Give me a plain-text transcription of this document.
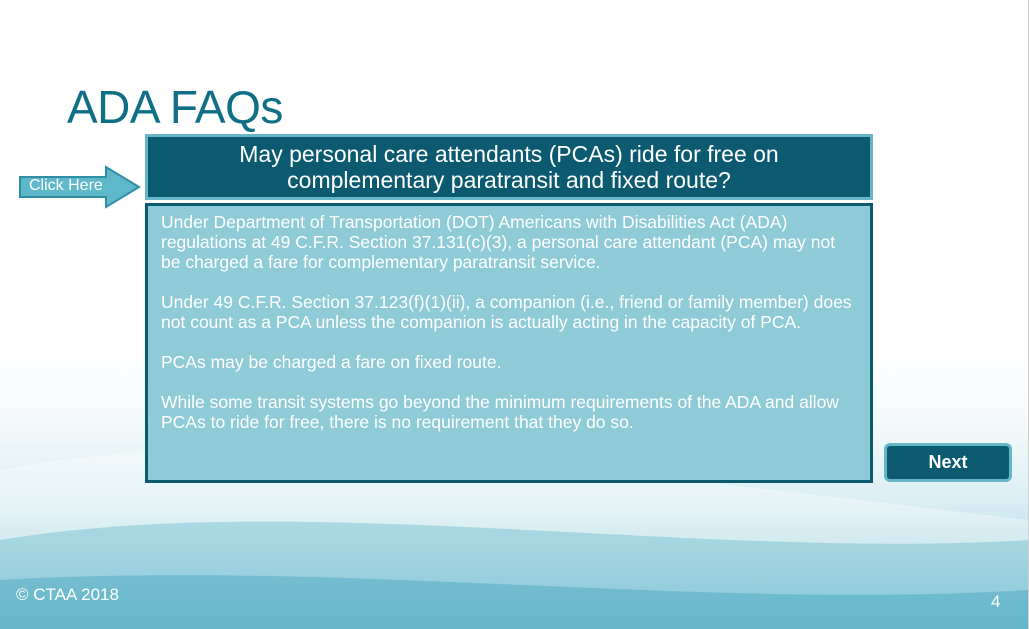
ADA FAQs
Click Here
May personal care attendants (PCAs) ride for free on complementary paratransit and fixed route?

Under Department of Transportation (DOT) Americans with Disabilities Act (ADA) regulations at 49 C.F.R. Section 37.131(c)(3), a personal care attendant (PCA) may not be charged a fare for complementary paratransit service.

Under 49 C.F.R. Section 37.123(f)(1)(ii), a companion (i.e., friend or family member) does not count as a PCA unless the companion is actually acting in the capacity of PCA.

PCAs may be charged a fare on fixed route.

While some transit systems go beyond the minimum requirements of the ADA and allow PCAs to ride for free, there is no requirement that they do so.

Next
© CTAA 2018	4
